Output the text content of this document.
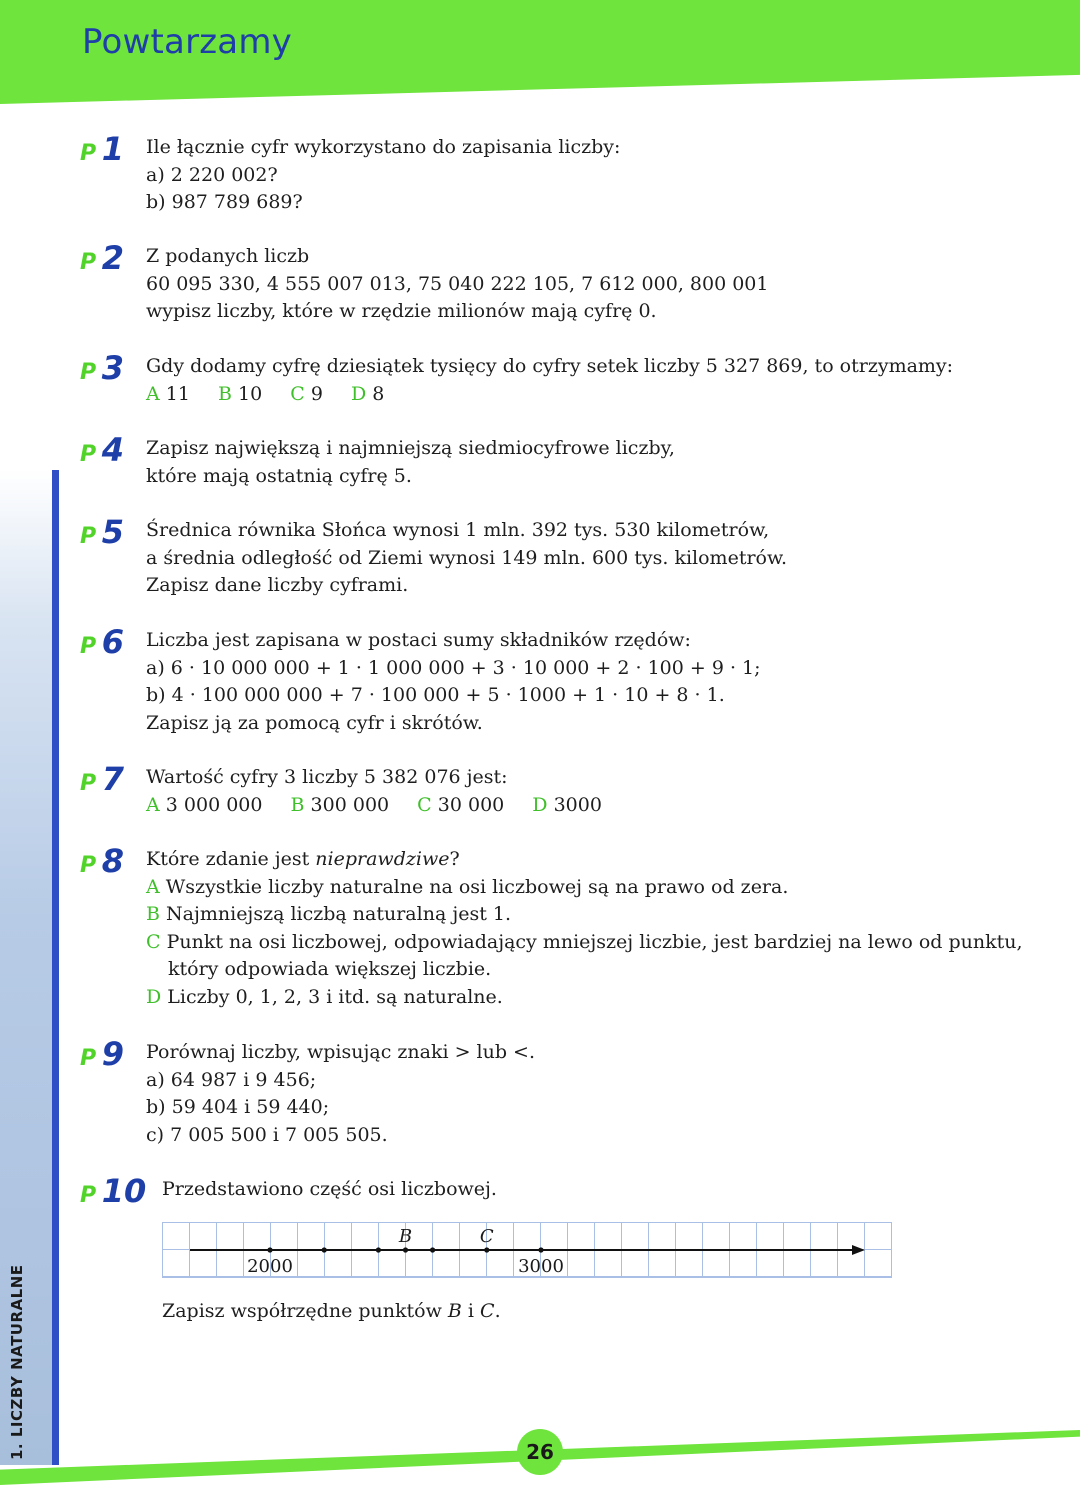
Powtarzamy
1. LICZBY NATURALNE
P 1 Ile łącznie cyfr wykorzystano do zapisania liczby:
a) 2 220 002?
b) 987 789 689?
P 2 Z podanych liczb
60 095 330, 4 555 007 013, 75 040 222 105, 7 612 000, 800 001
wypisz liczby, które w rzędzie milionów mają cyfrę 0.
P 3 Gdy dodamy cyfrę dziesiątek tysięcy do cyfry setek liczby 5 327 869, to otrzymamy:
A 11 B 10 C 9 D 8
P 4 Zapisz największą i najmniejszą siedmiocyfrowe liczby,
które mają ostatnią cyfrę 5.
P 5 Średnica równika Słońca wynosi 1 mln. 392 tys. 530 kilometrów,
a średnia odległość od Ziemi wynosi 149 mln. 600 tys. kilometrów.
Zapisz dane liczby cyframi.
P 6 Liczba jest zapisana w postaci sumy składników rzędów:
a) 6 · 10 000 000 + 1 · 1 000 000 + 3 · 10 000 + 2 · 100 + 9 · 1;
b) 4 · 100 000 000 + 7 · 100 000 + 5 · 1000 + 1 · 10 + 8 · 1.
Zapisz ją za pomocą cyfr i skrótów.
P 7 Wartość cyfry 3 liczby 5 382 076 jest:
A 3 000 000 B 300 000 C 30 000 D 3000
P 8 Które zdanie jest nieprawdziwe?
A Wszystkie liczby naturalne na osi liczbowej są na prawo od zera.
B Najmniejszą liczbą naturalną jest 1.
C Punkt na osi liczbowej, odpowiadający mniejszej liczbie, jest bardziej na lewo od punktu,
który odpowiada większej liczbie.
D Liczby 0, 1, 2, 3 i itd. są naturalne.
P 9 Porównaj liczby, wpisując znaki > lub <.
a) 64 987 i 9 456;
b) 59 404 i 59 440;
c) 7 005 500 i 7 005 505.
P 10 Przedstawiono część osi liczbowej.
Zapisz współrzędne punktów B i C.
2000	3000
B	C
26
